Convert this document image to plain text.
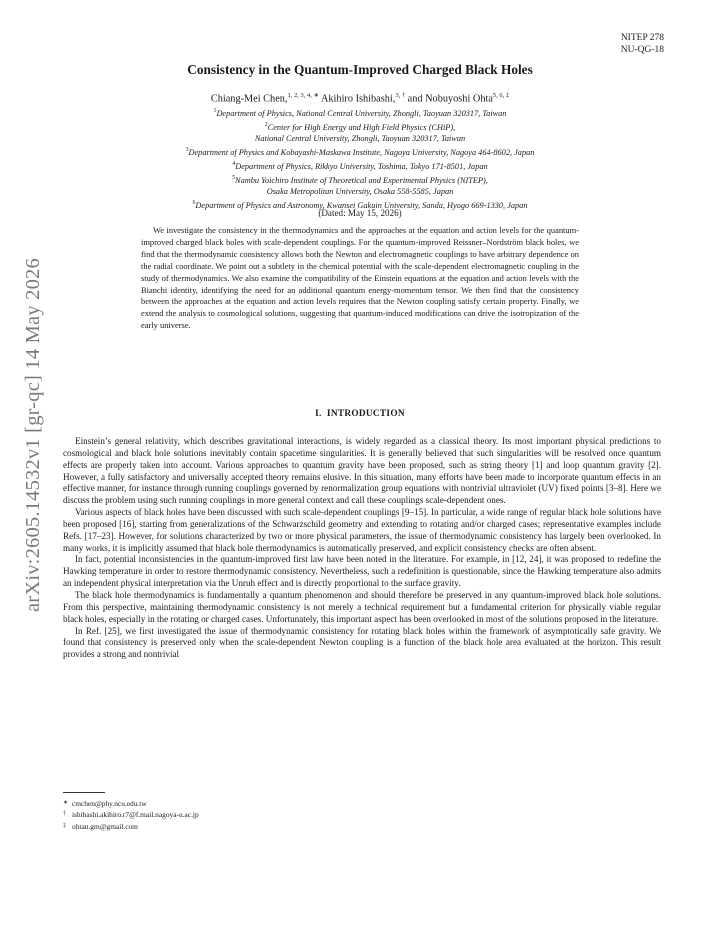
arXiv:2605.14532v1 [gr-qc] 14 May 2026
NITEP 278
NU-QG-18
Consistency in the Quantum-Improved Charged Black Holes
Chiang-Mei Chen,$^{1, 2, 3, 4, ∗}$ Akihiro Ishibashi,$^{3, \dagger}$ and Nobuyoshi Ohta$^{5, 6, \ddagger}$
$^1$Department of Physics, National Central University, Zhongli, Taoyuan 320317, Taiwan
$^2$Center for High Energy and High Field Physics (CHiP),
National Central University, Zhongli, Taoyuan 320317, Taiwan
$^3$Department of Physics and Kobayashi-Maskawa Institute, Nagoya University, Nagoya 464-8602, Japan
$^4$Department of Physics, Rikkyo University, Toshima, Tokyo 171-8501, Japan
$^5$Nambu Yoichiro Institute of Theoretical and Experimental Physics (NITEP),
Osaka Metropolitan University, Osaka 558-5585, Japan
$^6$Department of Physics and Astronomy, Kwansei Gakuin University, Sanda, Hyogo 669-1330, Japan
(Dated: May 15, 2026)

We investigate the consistency in the thermodynamics and the approaches at the equation and action levels for the quantum-improved charged black holes with scale-dependent couplings. For the quantum-improved Reissner–Nordström black holes, we find that the thermodynamic consistency allows both the Newton and electromagnetic couplings to have arbitrary dependence on the radial coordinate. We point out a subtlety in the chemical potential with the scale-dependent electromagnetic coupling in the study of thermodynamics. We also examine the compatibility of the Einstein equations at the equation and action levels with the Bianchi identity, identifying the need for an additional quantum energy-momentum tensor. We then find that the consistency between the approaches at the equation and action levels requires that the Newton coupling satisfy certain property. Finally, we extend the analysis to cosmological solutions, suggesting that quantum-induced modifications can drive the isotropization of the early universe.

I. INTRODUCTION

Einstein’s general relativity, which describes gravitational interactions, is widely regarded as a classical theory. Its most important physical predictions to cosmological and black hole solutions inevitably contain spacetime singularities. It is generally believed that such singularities will be resolved once quantum effects are properly taken into account. Various approaches to quantum gravity have been proposed, such as string theory [1] and loop quantum gravity [2]. However, a fully satisfactory and universally accepted theory remains elusive. In this situation, many efforts have been made to incorporate quantum effects in an effective manner, for instance through running couplings governed by renormalization group equations with nontrivial ultraviolet (UV) fixed points [3–8]. Here we discuss the problem using such running couplings in more general context and call these couplings scale-dependent ones.

Various aspects of black holes have been discussed with such scale-dependent couplings [9–15]. In particular, a wide range of regular black hole solutions have been proposed [16], starting from generalizations of the Schwarzschild geometry and extending to rotating and/or charged cases; representative examples include Refs. [17–23]. However, for solutions characterized by two or more physical parameters, the issue of thermodynamic consistency has largely been overlooked. In many works, it is implicitly assumed that black hole thermodynamics is automatically preserved, and explicit consistency checks are often absent.

In fact, potential inconsistencies in the quantum-improved first law have been noted in the literature. For example, in [12, 24], it was proposed to redefine the Hawking temperature in order to restore thermodynamic consistency. Nevertheless, such a redefinition is questionable, since the Hawking temperature also admits an independent physical interpretation via the Unruh effect and is directly proportional to the surface gravity.

The black hole thermodynamics is fundamentally a quantum phenomenon and should therefore be preserved in any quantum-improved black hole solutions. From this perspective, maintaining thermodynamic consistency is not merely a technical requirement but a fundamental criterion for physically viable regular black holes, especially in the rotating or charged cases. Unfortunately, this important aspect has been overlooked in most of the solutions proposed in the literature.

In Ref. [25], we first investigated the issue of thermodynamic consistency for rotating black holes within the framework of asymptotically safe gravity. We found that consistency is preserved only when the scale-dependent Newton coupling is a function of the black hole area evaluated at the horizon. This result provides a strong and nontrivial

∗ cmchen@phy.ncu.edu.tw
† ishibashi.akihiro.r7@f.mail.nagoya-u.ac.jp
‡ ohtan.gm@gmail.com
